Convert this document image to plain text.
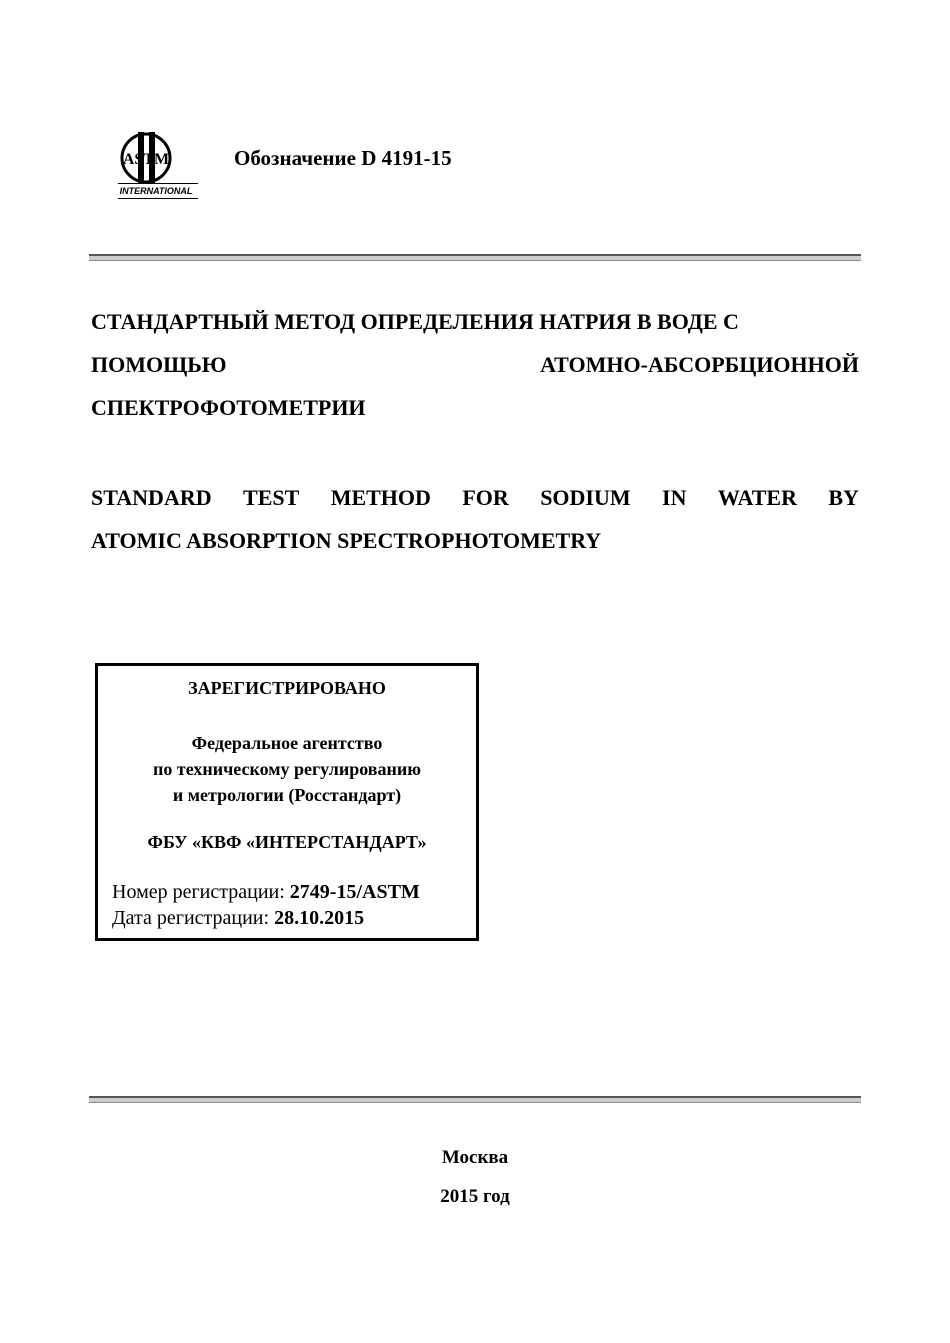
ASTM
INTERNATIONAL
Обозначение D 4191-15
СТАНДАРТНЫЙ МЕТОД ОПРЕДЕЛЕНИЯ НАТРИЯ В ВОДЕ С
ПОМОЩЬЮ	АТОМНО-АБСОРБЦИОННОЙ
СПЕКТРОФОТОМЕТРИИ
STANDARD TEST METHOD FOR SODIUM IN WATER BY
ATOMIC ABSORPTION SPECTROPHOTOMETRY
ЗАРЕГИСТРИРОВАНО
Федеральное агентство
по техническому регулированию
и метрологии (Росстандарт)
ФБУ «КВФ «ИНТЕРСТАНДАРТ»
Номер регистрации: 2749-15/ASTM
Дата регистрации: 28.10.2015
Москва
2015 год
